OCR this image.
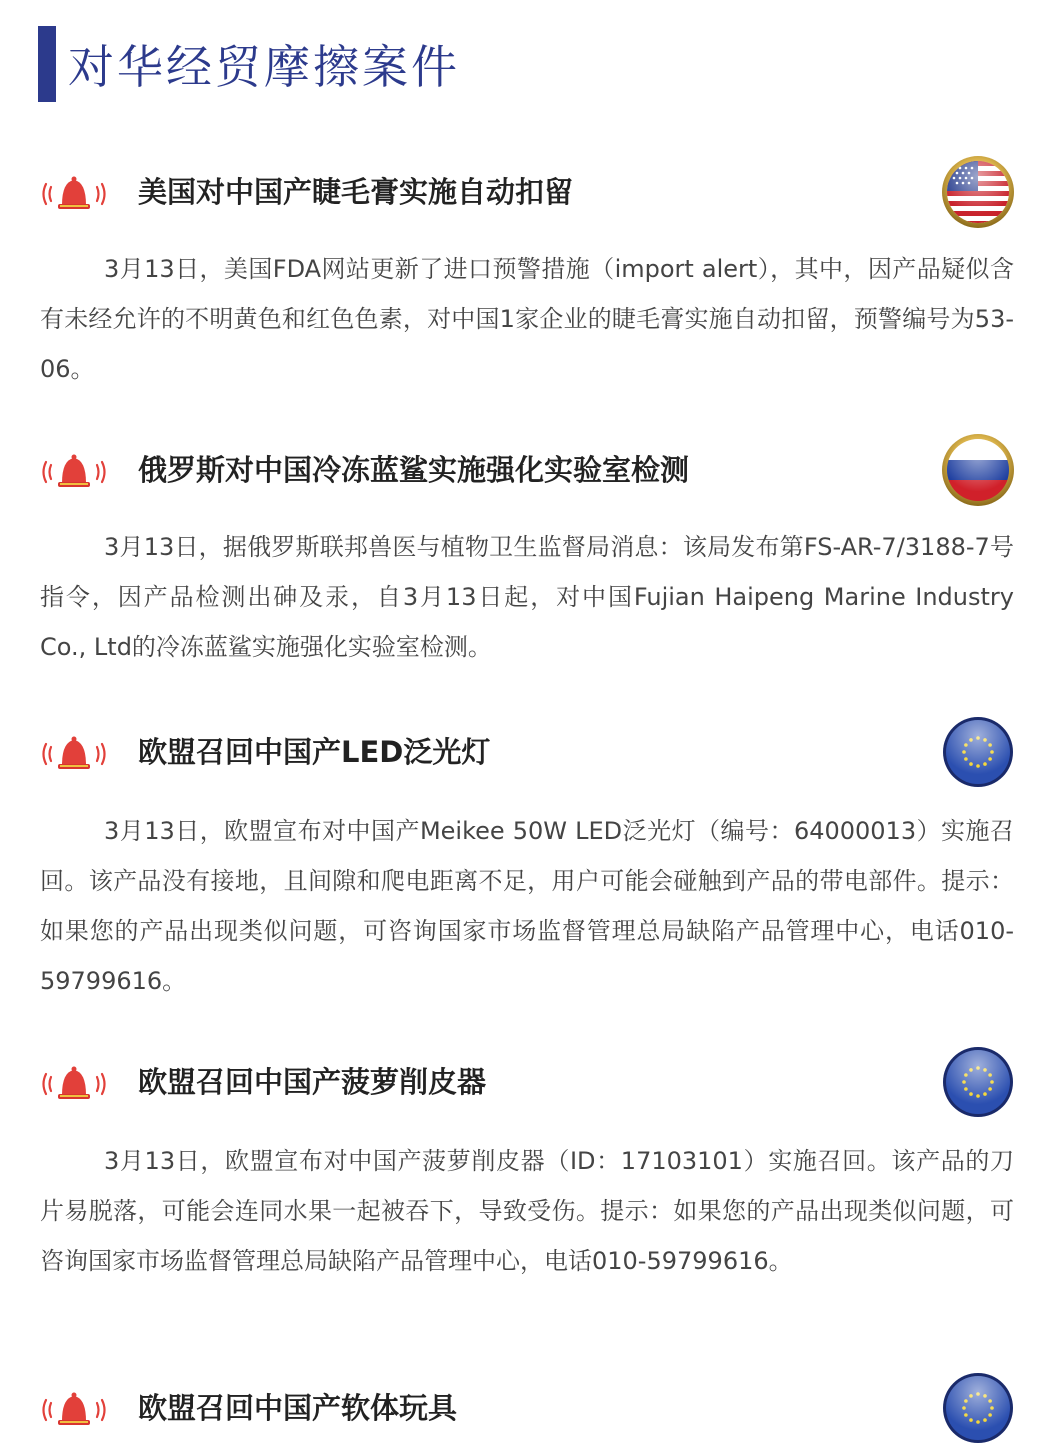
对华经贸摩擦案件
美国对中国产睫毛膏实施自动扣留

3月13日，美国FDA网站更新了进口预警措施（import alert），其中，因产品疑似含有未经允许的不明黄色和红色色素，对中国1家企业的睫毛膏实施自动扣留，预警编号为53-06。

俄罗斯对中国冷冻蓝鲨实施强化实验室检测

3月13日，据俄罗斯联邦兽医与植物卫生监督局消息：该局发布第FS-AR-7/3188-7号指令，因产品检测出砷及汞，自3月13日起，对中国Fujian Haipeng Marine Industry Co., Ltd的冷冻蓝鲨实施强化实验室检测。

欧盟召回中国产LED泛光灯

3月13日，欧盟宣布对中国产Meikee 50W LED泛光灯（编号：64000013）实施召回。该产品没有接地，且间隙和爬电距离不足，用户可能会碰触到产品的带电部件。提示：如果您的产品出现类似问题，可咨询国家市场监督管理总局缺陷产品管理中心，电话010-59799616。

欧盟召回中国产菠萝削皮器

3月13日，欧盟宣布对中国产菠萝削皮器（ID：17103101）实施召回。该产品的刀片易脱落，可能会连同水果一起被吞下，导致受伤。提示：如果您的产品出现类似问题，可咨询国家市场监督管理总局缺陷产品管理中心，电话010-59799616。

欧盟召回中国产软体玩具
